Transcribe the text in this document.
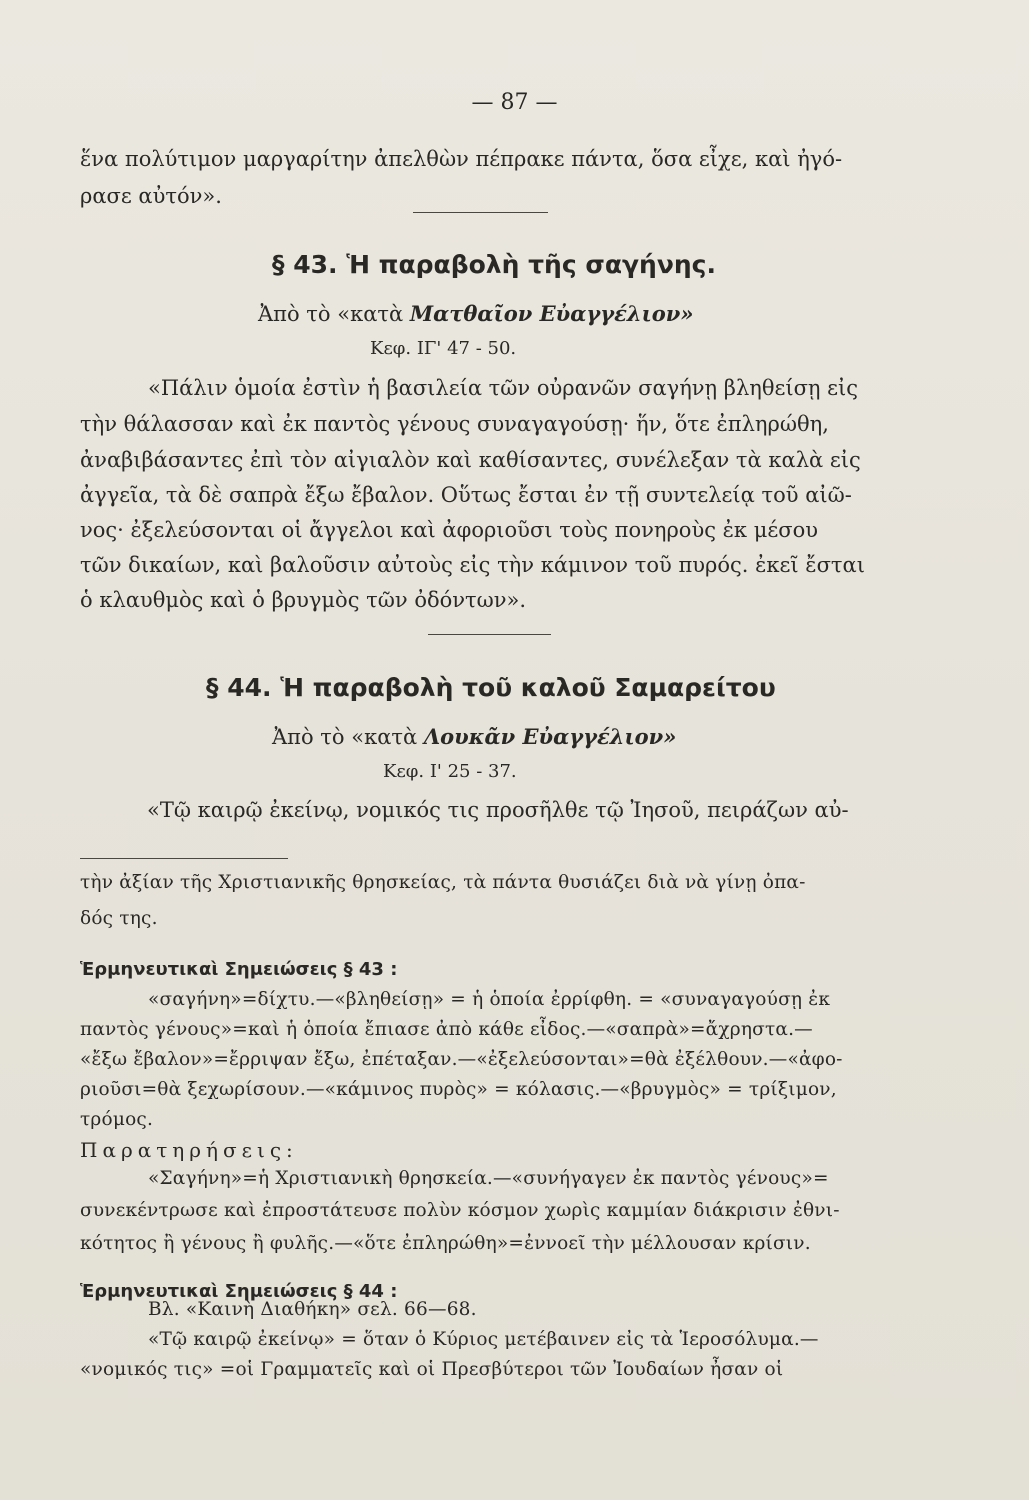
— 87 —
ἕνα πολύτιμον μαργαρίτην ἀπελθὼν πέπρακε πάντα, ὅσα εἶχε, καὶ ἠγό-
ρασε αὐτόν».
§ 43. Ἡ παραβολὴ τῆς σαγήνης.
Ἀπὸ τὸ «κατὰ Ματθαῖον Εὐαγγέλιον»
Κεφ. ΙΓ' 47 - 50.
«Πάλιν ὁμοία ἐστὶν ἡ βασιλεία τῶν οὐρανῶν σαγήνῃ βληθείσῃ εἰς
τὴν θάλασσαν καὶ ἐκ παντὸς γένους συναγαγούσῃ· ἥν, ὅτε ἐπληρώθη,
ἀναβιβάσαντες ἐπὶ τὸν αἰγιαλὸν καὶ καθίσαντες, συνέλεξαν τὰ καλὰ εἰς
ἀγγεῖα, τὰ δὲ σαπρὰ ἔξω ἔβαλον. Οὕτως ἔσται ἐν τῇ συντελείᾳ τοῦ αἰῶ-
νος· ἐξελεύσονται οἱ ἄγγελοι καὶ ἀφοριοῦσι τοὺς πονηροὺς ἐκ μέσου
τῶν δικαίων, καὶ βαλοῦσιν αὐτοὺς εἰς τὴν κάμινον τοῦ πυρός. ἐκεῖ ἔσται
ὁ κλαυθμὸς καὶ ὁ βρυγμὸς τῶν ὀδόντων».
§ 44. Ἡ παραβολὴ τοῦ καλοῦ Σαμαρείτου
Ἀπὸ τὸ «κατὰ Λουκᾶν Εὐαγγέλιον»
Κεφ. Ι' 25 - 37.
«Τῷ καιρῷ ἐκείνῳ, νομικός τις προσῆλθε τῷ Ἰησοῦ, πειράζων αὐ-
τὴν ἀξίαν τῆς Χριστιανικῆς θρησκείας, τὰ πάντα θυσιάζει διὰ νὰ γίνῃ ὀπα-
δός της.
Ἑρμηνευτικαὶ Σημειώσεις § 43 :
«σαγήνη»=δίχτυ.—«βληθείσῃ» = ἡ ὁποία ἐρρίφθη. = «συναγαγούσῃ ἐκ
παντὸς γένους»=καὶ ἡ ὁποία ἔπιασε ἀπὸ κάθε εἶδος.—«σαπρὰ»=ἄχρηστα.—
«ἔξω ἔβαλον»=ἔρριψαν ἔξω, ἐπέταξαν.—«ἐξελεύσονται»=θὰ ἐξέλθουν.—«ἀφο-
ριοῦσι=θὰ ξεχωρίσουν.—«κάμινος πυρὸς» = κόλασις.—«βρυγμὸς» = τρίξιμον,
τρόμος.
Παρατηρήσεις:
«Σαγήνη»=ἡ Χριστιανικὴ θρησκεία.—«συνήγαγεν ἐκ παντὸς γένους»=
συνεκέντρωσε καὶ ἐπροστάτευσε πολὺν κόσμον χωρὶς καμμίαν διάκρισιν ἐθνι-
κότητος ἢ γένους ἢ φυλῆς.—«ὅτε ἐπληρώθη»=ἐννοεῖ τὴν μέλλουσαν κρίσιν.
Ἑρμηνευτικαὶ Σημειώσεις § 44 :
Βλ. «Καινὴ Διαθήκη» σελ. 66—68.
«Τῷ καιρῷ ἐκείνῳ» = ὅταν ὁ Κύριος μετέβαινεν εἰς τὰ Ἱεροσόλυμα.—
«νομικός τις» =οἱ Γραμματεῖς καὶ οἱ Πρεσβύτεροι τῶν Ἰουδαίων ἦσαν οἱ
